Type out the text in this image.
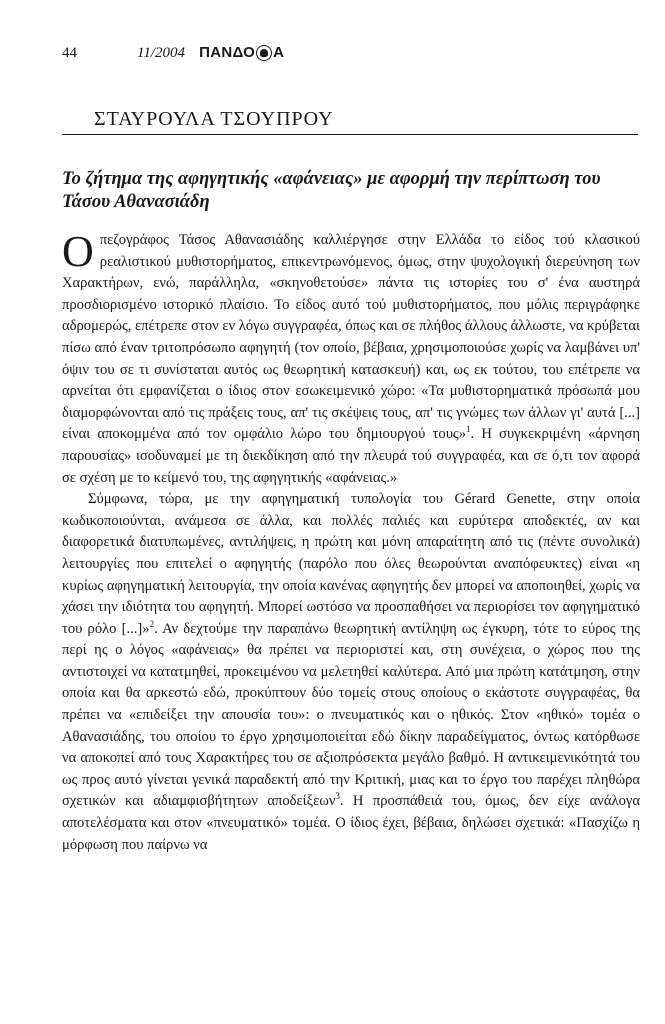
44	11/2004 ΠΑΝΔΟ Α
ΣΤΑΥΡΟΥΛΑ ΤΣΟΥΠΡΟΥ
Το ζήτημα της αφηγητικής «αφάνειας» με αφορμή την περίπτωση του Τάσου Αθανασιάδη

Ο πεζογράφος Τάσος Αθανασιάδης καλλιέργησε στην Ελλάδα το είδος τού κλασικού ρεαλιστικού μυθιστορήματος, επικεντρωνόμενος, όμως, στην ψυχολογική διερεύνηση των Χαρακτήρων, ενώ, παράλληλα, «σκηνοθετούσε» πάντα τις ιστορίες του σ' ένα αυστηρά προσδιορισμένο ιστορικό πλαίσιο. Το είδος αυτό τού μυθιστορήματος, που μόλις περιγράφηκε αδρομερώς, επέτρεπε στον εν λόγω συγγραφέα, όπως και σε πλήθος άλλους άλλωστε, να κρύβεται πίσω από έναν τριτοπρόσωπο αφηγητή (τον οποίο, βέβαια, χρησιμοποιούσε χωρίς να λαμβάνει υπ' όψιν του σε τι συνίσταται αυτός ως θεωρητική κατασκευή) και, ως εκ τούτου, του επέτρεπε να αρνείται ότι εμφανίζεται ο ίδιος στον εσωκειμενικό χώρο: «Τα μυθιστορηματικά πρόσωπά μου διαμορφώνονται από τις πράξεις τους, απ' τις σκέψεις τους, απ' τις γνώμες των άλλων γι' αυτά [...] είναι αποκομμένα από τον ομφάλιο λώρο του δημιουργού τους»$^1$. Η συγκεκριμένη «άρνηση παρουσίας» ισοδυναμεί με τη διεκδίκηση από την πλευρά τού συγγραφέα, και σε ό,τι τον αφορά σε σχέση με το κείμενό του, της αφηγητικής «αφάνειας.»

Σύμφωνα, τώρα, με την αφηγηματική τυπολογία του Gérard Genette, στην οποία κωδικοποιούνται, ανάμεσα σε άλλα, και πολλές παλιές και ευρύτερα αποδεκτές, αν και διαφορετικά διατυπωμένες, αντιλήψεις, η πρώτη και μόνη απαραίτητη από τις (πέντε συνολικά) λειτουργίες που επιτελεί ο αφηγητής (παρόλο που όλες θεωρούνται αναπόφευκτες) είναι «η κυρίως αφηγηματική λειτουργία, την οποία κανένας αφηγητής δεν μπορεί να αποποιηθεί, χωρίς να χάσει την ιδιότητα του αφηγητή. Μπορεί ωστόσο να προσπαθήσει να περιορίσει τον αφηγηματικό του ρόλο [...]»$^2$. Αν δεχτούμε την παραπάνω θεωρητική αντίληψη ως έγκυρη, τότε το εύρος της περί ης ο λόγος «αφάνειας» θα πρέπει να περιοριστεί και, στη συνέχεια, ο χώρος που της αντιστοιχεί να κατατμηθεί, προκειμένου να μελετηθεί καλύτερα. Από μια πρώτη κατάτμηση, στην οποία και θα αρκεστώ εδώ, προκύπτουν δύο τομείς στους οποίους ο εκάστοτε συγγραφέας, θα πρέπει να «επιδείξει την απουσία του»: ο πνευματικός και ο ηθικός. Στον «ηθικό» τομέα ο Αθανασιάδης, του οποίου το έργο χρησιμοποιείται εδώ δίκην παραδείγματος, όντως κατόρθωσε να αποκοπεί από τους Χαρακτήρες του σε αξιοπρόσεκτα μεγάλο βαθμό. Η αντικειμενικότητά του ως προς αυτό γίνεται γενικά παραδεκτή από την Κριτική, μιας και το έργο του παρέχει πληθώρα σχετικών και αδιαμφισβήτητων αποδείξεων$^3$. Η προσπάθειά του, όμως, δεν είχε ανάλογα αποτελέσματα και στον «πνευματικό» τομέα. Ο ίδιος έχει, βέβαια, δηλώσει σχετικά: «Πασχίζω η μόρφωση που παίρνω να
